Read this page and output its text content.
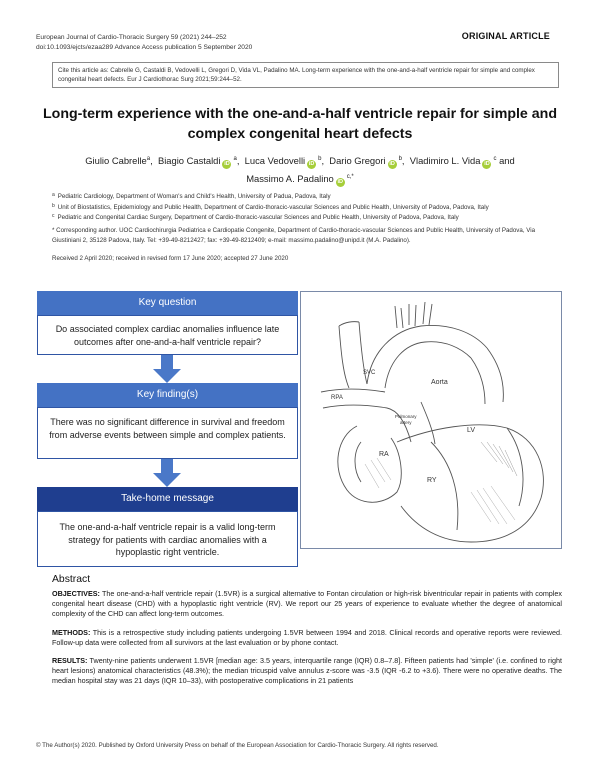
European Journal of Cardio-Thoracic Surgery 59 (2021) 244–252
doi:10.1093/ejcts/ezaa289 Advance Access publication 5 September 2020
ORIGINAL ARTICLE
Cite this article as: Cabrelle G, Castaldi B, Vedovelli L, Gregori D, Vida VL, Padalino MA. Long-term experience with the one-and-a-half ventricle repair for simple and complex congenital heart defects. Eur J Cardiothorac Surg 2021;59:244–52.
Long-term experience with the one-and-a-half ventricle repair for simple and complex congenital heart defects
Giulio Cabrelle$^a$,  Biagio Castaldi $iD^a$,  Luca Vedovelli $iD^b$,  Dario Gregori $iD^b$,  Vladimiro L. Vida $iD^c$ and
Massimo A. Padalino $iD^{c,*}$
$^a$ Pediatric Cardiology, Department of Woman's and Child's Health, University of Padua, Padova, Italy
$^b$ Unit of Biostatistics, Epidemiology and Public Health, Department of Cardio-thoracic-vascular Sciences and Public Health, University of Padova, Padova, Italy
$^c$ Pediatric and Congenital Cardiac Surgery, Department of Cardio-thoracic-vascular Sciences and Public Health, University of Padova, Padova, Italy
* Corresponding author. UOC Cardiochirurgia Pediatrica e Cardiopatie Congenite, Department of Cardio-thoracic-vascular Sciences and Public Health, University of Padova, Via Giustiniani 2, 35128 Padova, Italy. Tel: +39-49-8212427; fax: +39-49-8212409; e-mail: massimo.padalino@unipd.it (M.A. Padalino).
Received 2 April 2020; received in revised form 17 June 2020; accepted 27 June 2020
Key question
Do associated complex cardiac anomalies influence late outcomes after one-and-a-half ventricle repair?
Key finding(s)
There was no significant difference in survival and freedom from adverse events between simple and complex patients.
Take-home message
The one-and-a-half ventricle repair is a valid long-term strategy for patients with cardiac anomalies with a hypoplastic right ventricle.
SVC
Aorta
RPA
Pulmonary
artery
LV
RA
RY
Abstract
OBJECTIVES: The one-and-a-half ventricle repair (1.5VR) is a surgical alternative to Fontan circulation or high-risk biventricular repair in patients with complex congenital heart disease (CHD) with a hypoplastic right ventricle (RV). We report our 25 years of experience to evaluate whether the degree of anatomical complexity of the CHD can affect long-term outcomes.
METHODS: This is a retrospective study including patients undergoing 1.5VR between 1994 and 2018. Clinical records and operative reports were reviewed. Follow-up data were collected from all survivors at the last evaluation or by phone contact.
RESULTS: Twenty-nine patients underwent 1.5VR [median age: 3.5 years, interquartile range (IQR) 0.8–7.8]. Fifteen patients had 'simple' (i.e. confined to right heart lesions) anatomical characteristics (48.3%); the median tricuspid valve annulus z-score was -3.5 (IQR -6.2 to +3.6). There were no operative deaths. The median hospital stay was 21 days (IQR 10–33), with postoperative complications in 21 patients
© The Author(s) 2020. Published by Oxford University Press on behalf of the European Association for Cardio-Thoracic Surgery. All rights reserved.
